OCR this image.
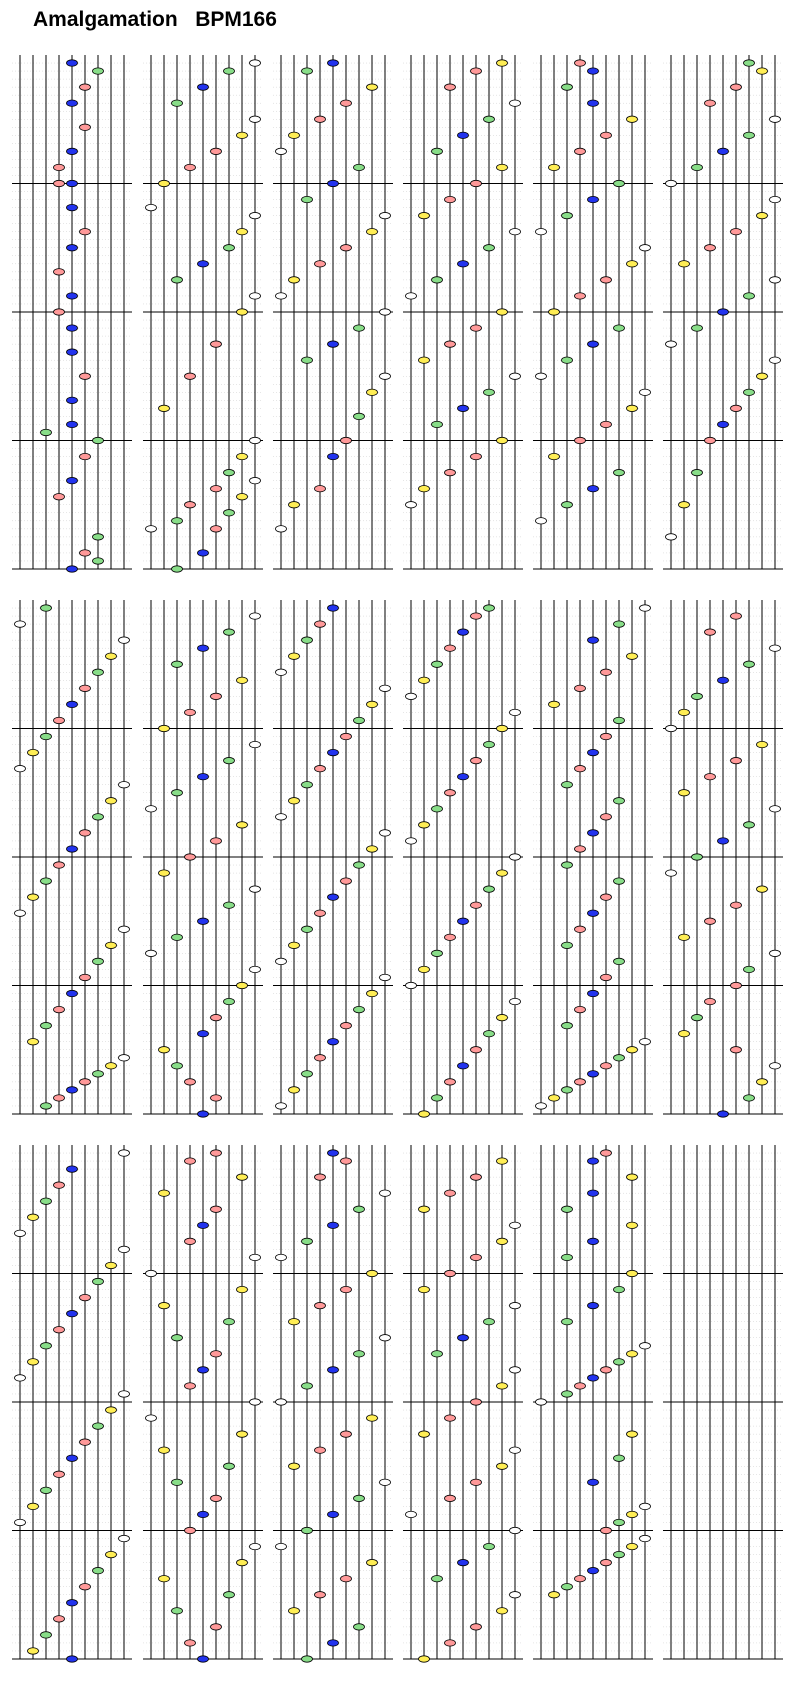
Amalgamation   BPM166
